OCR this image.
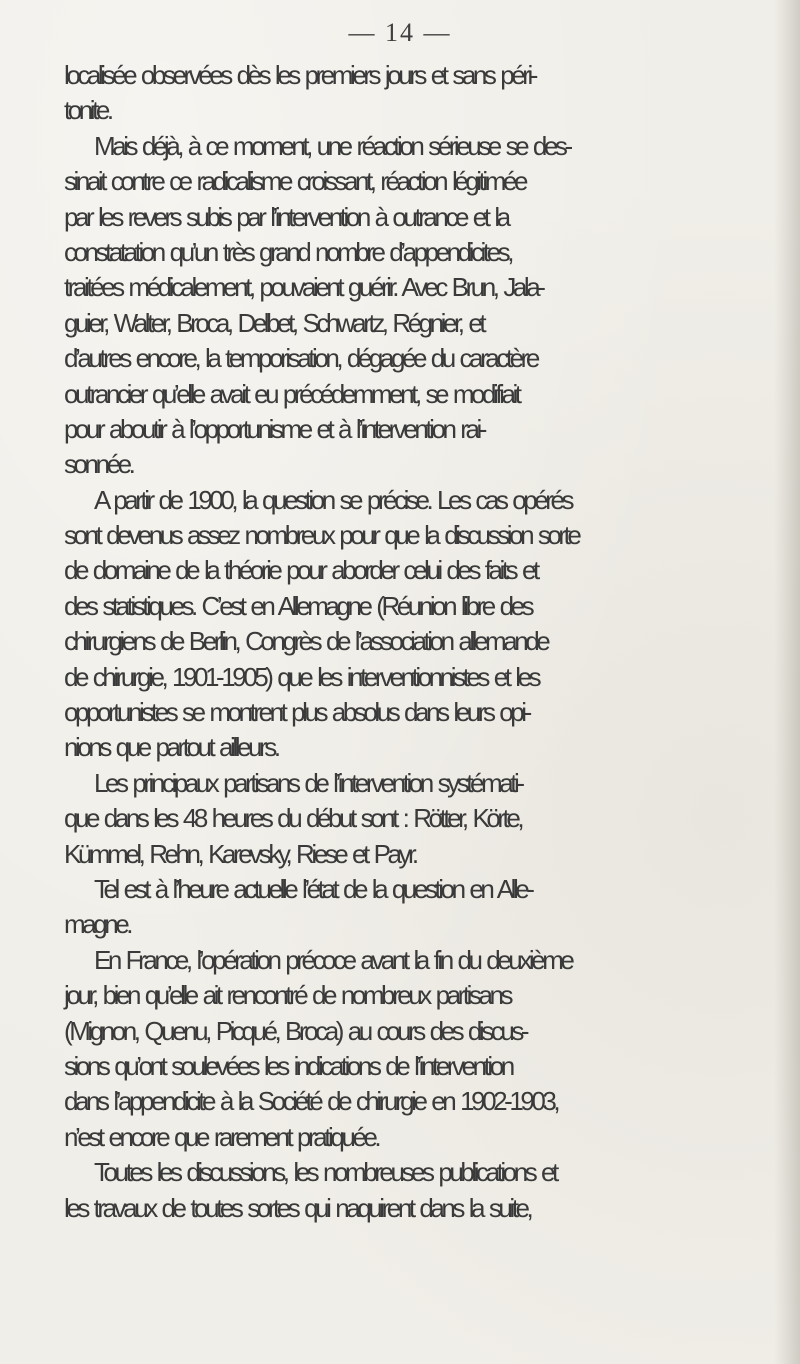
— 14 —
localisée observées dès les premiers jours et sans péri-
tonite.
Mais déjà, à ce moment, une réaction sérieuse se des-
sinait contre ce radicalisme croissant, réaction légitimée
par les revers subis par l’intervention à outrance et la
constatation qu’un très grand nombre d’appendicites,
traitées médicalement, pouvaient guérir. Avec Brun, Jala-
guier, Walter, Broca, Delbet, Schwartz, Régnier, et
d’autres encore, la temporisation, dégagée du caractère
outrancier qu’elle avait eu précédemment, se modifiait
pour aboutir à l’opportunisme et à l’intervention rai-
sonnée.
A partir de 1900, la question se précise. Les cas opérés
sont devenus assez nombreux pour que la discussion sorte
de domaine de la théorie pour aborder celui des faits et
des statistiques. C’est en Allemagne (Réunion libre des
chirurgiens de Berlin, Congrès de l’association allemande
de chirurgie, 1901-1905) que les interventionnistes et les
opportunistes se montrent plus absolus dans leurs opi-
nions que partout ailleurs.
Les principaux partisans de l’intervention systémati-
que dans les 48 heures du début sont : Rötter, Körte,
Kümmel, Rehn, Karevsky, Riese et Payr.
Tel est à l’heure actuelle l’état de la question en Alle-
magne.
En France, l’opération précoce avant la fin du deuxième
jour, bien qu’elle ait rencontré de nombreux partisans
(Mignon, Quenu, Picqué, Broca) au cours des discus-
sions qu’ont soulevées les indications de l’intervention
dans l’appendicite à la Société de chirurgie en 1902-1903,
n’est encore que rarement pratiquée.
Toutes les discussions, les nombreuses publications et
les travaux de toutes sortes qui naquirent dans la suite,
